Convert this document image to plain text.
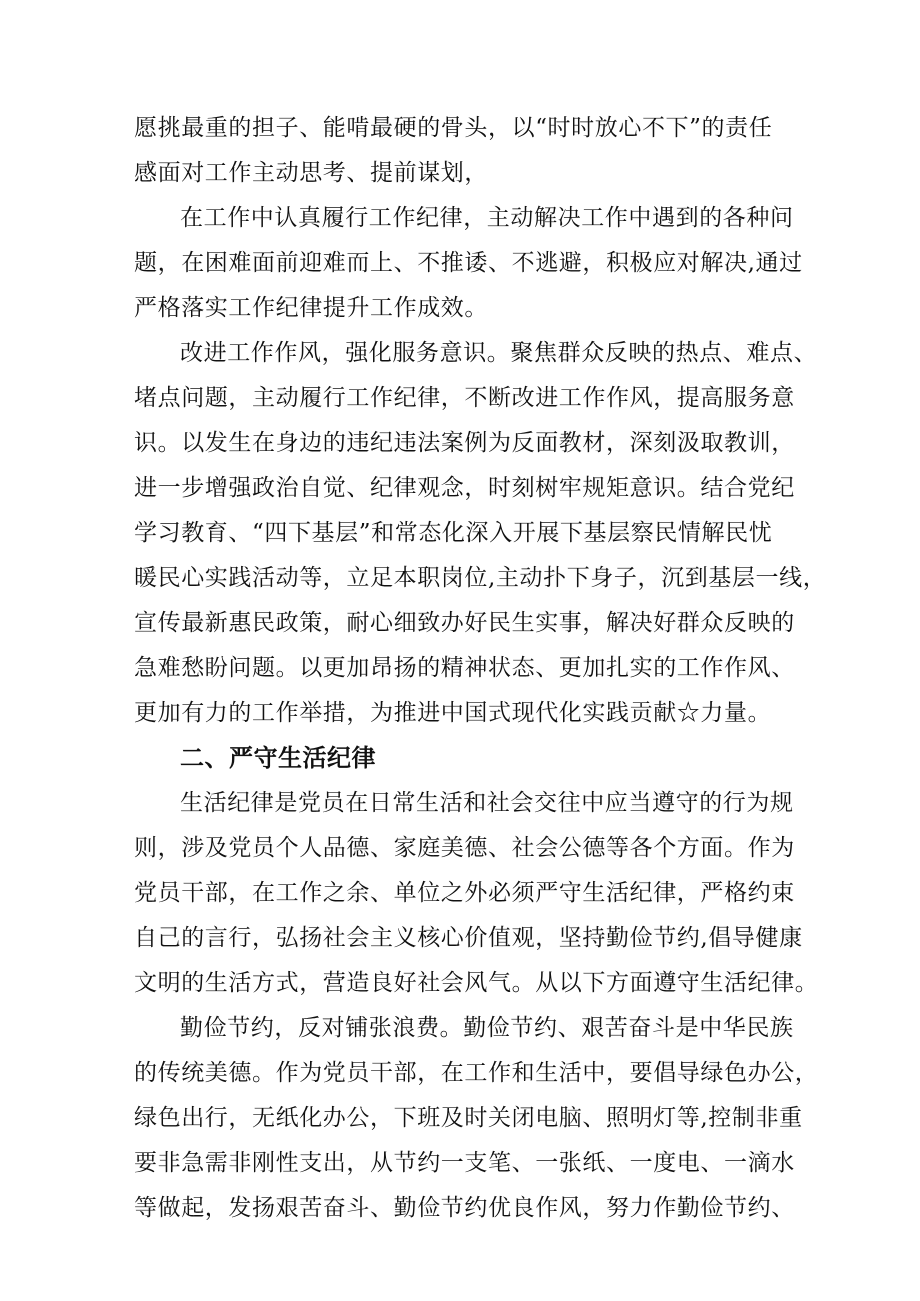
愿挑最重的担子、能啃最硬的骨头，以“时时放心不下”的责任
感面对工作主动思考、提前谋划，
在工作中认真履行工作纪律，主动解决工作中遇到的各种问
题，在困难面前迎难而上、不推诿、不逃避，积极应对解决,通过
严格落实工作纪律提升工作成效。
改进工作作风，强化服务意识。聚焦群众反映的热点、难点、
堵点问题，主动履行工作纪律，不断改进工作作风，提高服务意
识。以发生在身边的违纪违法案例为反面教材，深刻汲取教训，
进一步增强政治自觉、纪律观念，时刻树牢规矩意识。结合党纪
学习教育、“四下基层”和常态化深入开展下基层察民情解民忧
暖民心实践活动等，立足本职岗位,主动扑下身子，沉到基层一线，
宣传最新惠民政策，耐心细致办好民生实事，解决好群众反映的
急难愁盼问题。以更加昂扬的精神状态、更加扎实的工作作风、
更加有力的工作举措，为推进中国式现代化实践贡献☆力量。
二、严守生活纪律
生活纪律是党员在日常生活和社会交往中应当遵守的行为规
则，涉及党员个人品德、家庭美德、社会公德等各个方面。作为
党员干部，在工作之余、单位之外必须严守生活纪律，严格约束
自己的言行，弘扬社会主义核心价值观，坚持勤俭节约,倡导健康
文明的生活方式，营造良好社会风气。从以下方面遵守生活纪律。
勤俭节约，反对铺张浪费。勤俭节约、艰苦奋斗是中华民族
的传统美德。作为党员干部，在工作和生活中，要倡导绿色办公，
绿色出行，无纸化办公，下班及时关闭电脑、照明灯等,控制非重
要非急需非刚性支出，从节约一支笔、一张纸、一度电、一滴水
等做起，发扬艰苦奋斗、勤俭节约优良作风，努力作勤俭节约、
